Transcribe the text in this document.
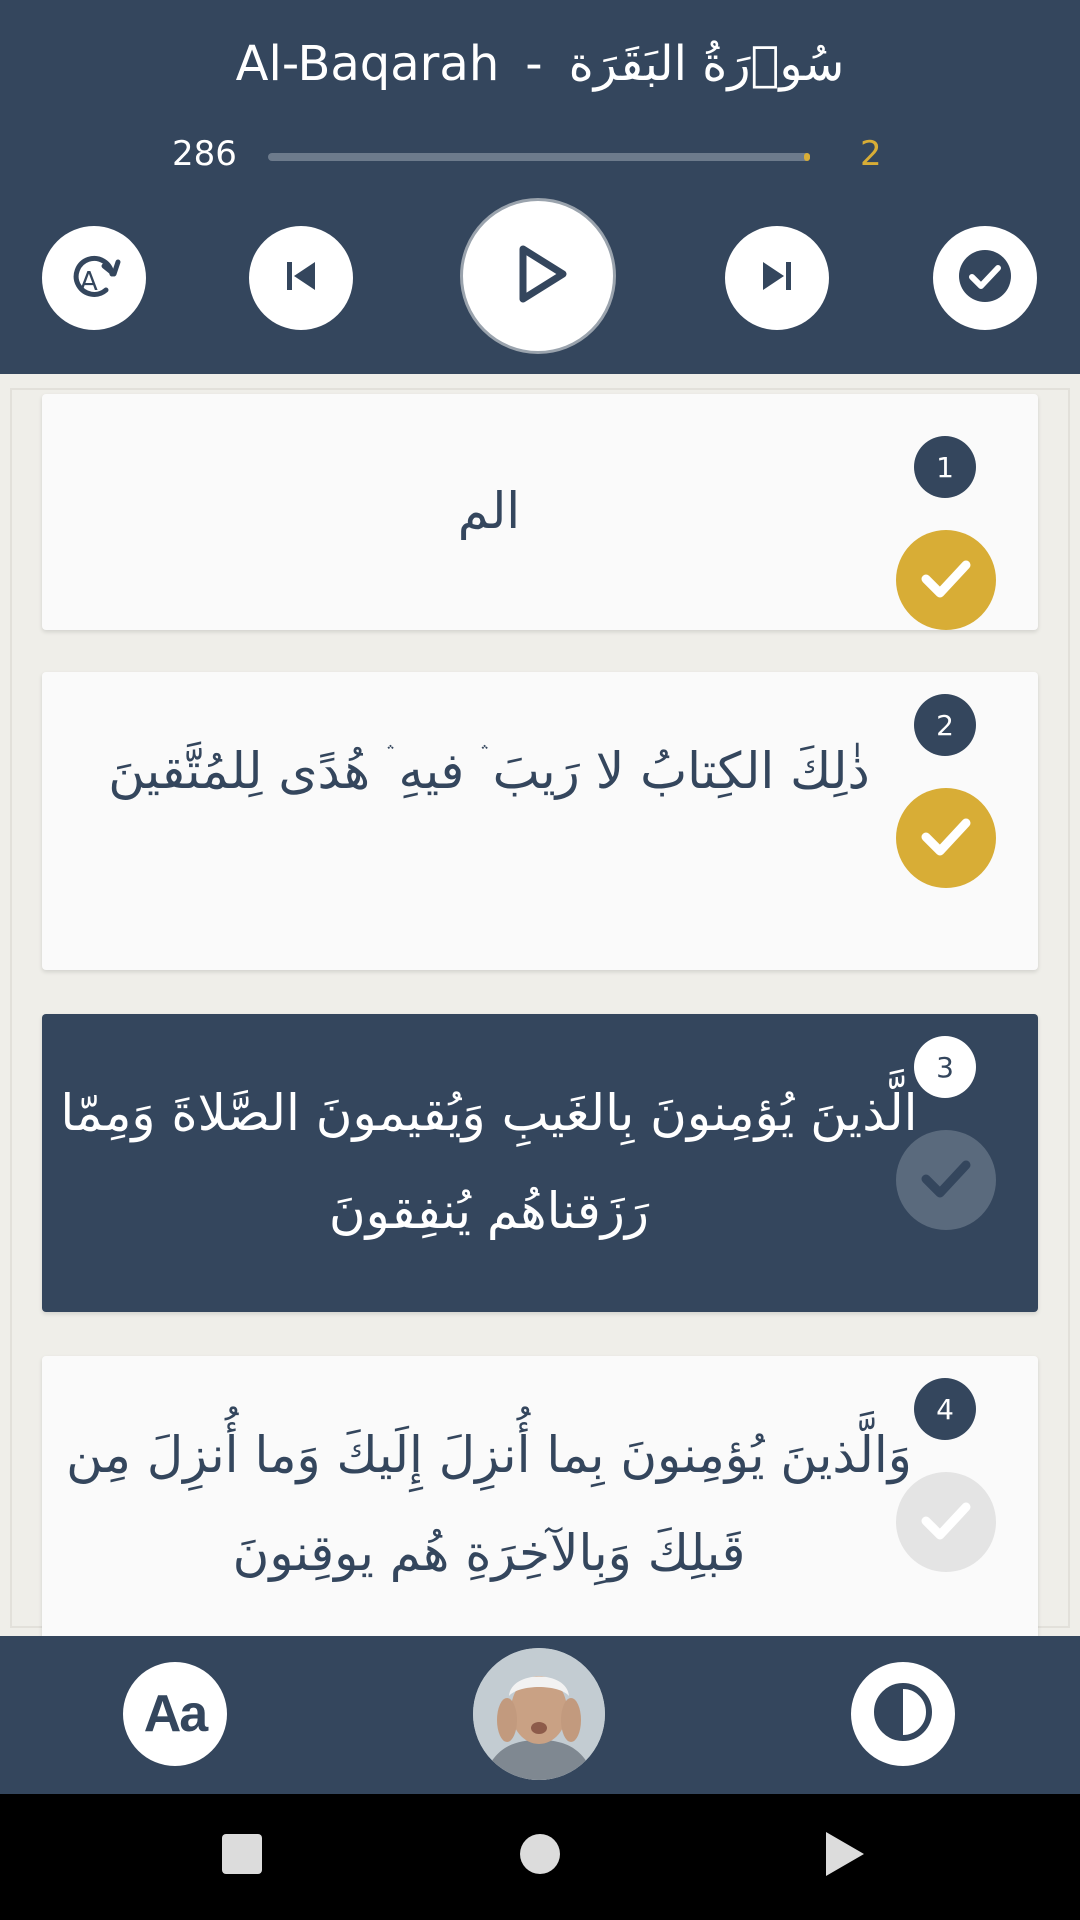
Al-Baqarah - سُوۡرَةُ البَقَرَة
286	2
A
الم
1
ذٰلِكَ الكِتابُ لا رَيبَ ۛ فيهِ ۛ هُدًى لِلمُتَّقينَ
2
الَّذينَ يُؤمِنونَ بِالغَيبِ وَيُقيمونَ الصَّلاةَ وَمِمّا رَزَقناهُم يُنفِقونَ
3
وَالَّذينَ يُؤمِنونَ بِما أُنزِلَ إِلَيكَ وَما أُنزِلَ مِن قَبلِكَ وَبِالآخِرَةِ هُم يوقِنونَ
4
Aa
